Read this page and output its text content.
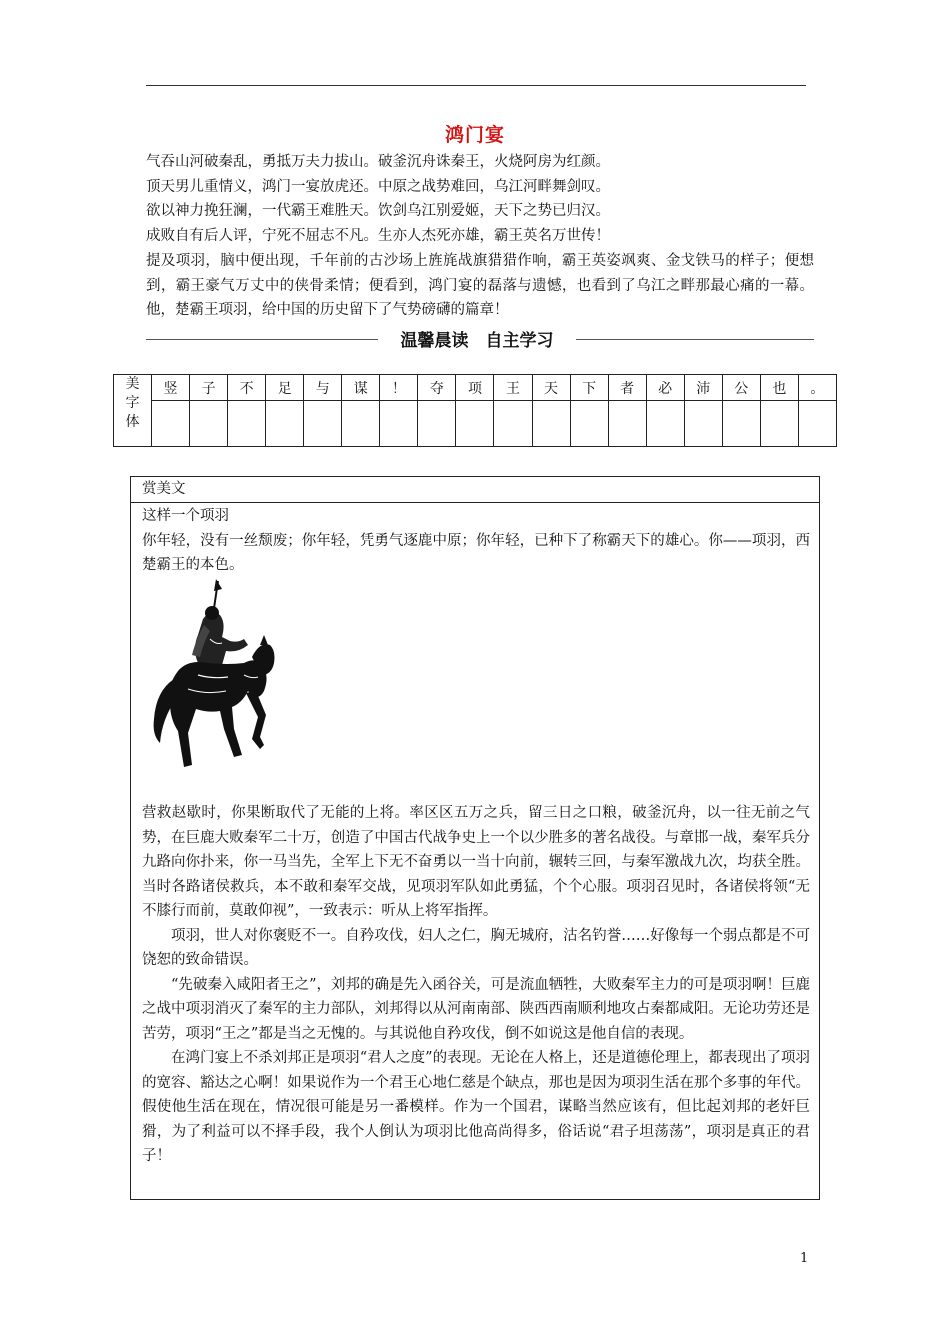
鸿门宴
气吞山河破秦乱，勇抵万夫力拔山。破釜沉舟诛秦王，火烧阿房为红颜。
顶天男儿重情义，鸿门一宴放虎还。中原之战势难回，乌江河畔舞剑叹。
欲以神力挽狂澜，一代霸王难胜天。饮剑乌江别爱姬，天下之势已归汉。
成败自有后人评，宁死不屈志不凡。生亦人杰死亦雄，霸王英名万世传！
提及项羽，脑中便出现，千年前的古沙场上旌旄战旗猎猎作响，霸王英姿飒爽、金戈铁马的样子；便想到，霸王豪气万丈中的侠骨柔情；便看到，鸿门宴的磊落与遗憾，也看到了乌江之畔那最心痛的一幕。他，楚霸王项羽，给中国的历史留下了气势磅礴的篇章！
温馨晨读　自主学习
美
字
体	竖	子	不	足	与	谋	！	夺	项	王	天	下	者	必	沛	公	也	。

赏美文

这样一个项羽

你年轻，没有一丝颓废；你年轻，凭勇气逐鹿中原；你年轻，已种下了称霸天下的雄心。你——项羽，西楚霸王的本色。

营救赵歇时，你果断取代了无能的上将。率区区五万之兵，留三日之口粮，破釜沉舟，以一往无前之气势，在巨鹿大败秦军二十万，创造了中国古代战争史上一个以少胜多的著名战役。与章邯一战，秦军兵分九路向你扑来，你一马当先，全军上下无不奋勇以一当十向前，辗转三回，与秦军激战九次，均获全胜。当时各路诸侯救兵，本不敢和秦军交战，见项羽军队如此勇猛，个个心服。项羽召见时，各诸侯将领“无不膝行而前，莫敢仰视”，一致表示：听从上将军指挥。

项羽，世人对你褒贬不一。自矜攻伐，妇人之仁，胸无城府，沽名钓誉……好像每一个弱点都是不可饶恕的致命错误。

“先破秦入咸阳者王之”，刘邦的确是先入函谷关，可是流血牺牲，大败秦军主力的可是项羽啊！巨鹿之战中项羽消灭了秦军的主力部队，刘邦得以从河南南部、陕西西南顺利地攻占秦都咸阳。无论功劳还是苦劳，项羽“王之”都是当之无愧的。与其说他自矜攻伐，倒不如说这是他自信的表现。

在鸿门宴上不杀刘邦正是项羽“君人之度”的表现。无论在人格上，还是道德伦理上，都表现出了项羽的宽容、豁达之心啊！如果说作为一个君王心地仁慈是个缺点，那也是因为项羽生活在那个多事的年代。假使他生活在现在，情况很可能是另一番模样。作为一个国君，谋略当然应该有，但比起刘邦的老奸巨猾，为了利益可以不择手段，我个人倒认为项羽比他高尚得多，俗话说“君子坦荡荡”，项羽是真正的君子！

1
